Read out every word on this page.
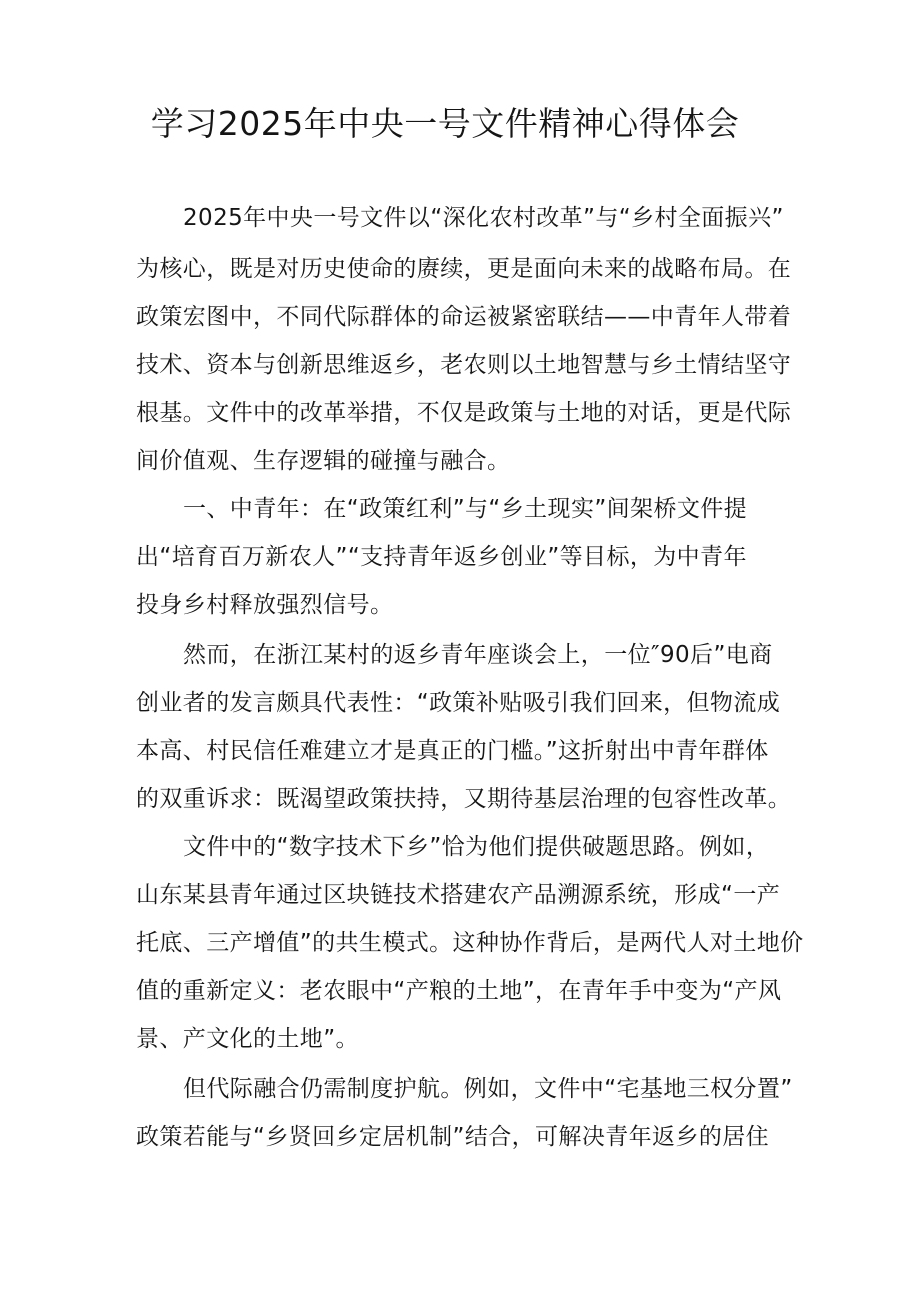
学习2025年中央一号文件精神心得体会
2025年中央一号文件以“深化农村改革”与“乡村全面振兴”
为核心，既是对历史使命的赓续，更是面向未来的战略布局。在
政策宏图中，不同代际群体的命运被紧密联结——中青年人带着
技术、资本与创新思维返乡，老农则以土地智慧与乡土情结坚守
根基。文件中的改革举措，不仅是政策与土地的对话，更是代际
间价值观、生存逻辑的碰撞与融合。
一、中青年：在“政策红利”与“乡土现实”间架桥文件提
出“培育百万新农人”“支持青年返乡创业”等目标，为中青年
投身乡村释放强烈信号。
然而，在浙江某村的返乡青年座谈会上，一位″90后”电商
创业者的发言颇具代表性：“政策补贴吸引我们回来，但物流成
本高、村民信任难建立才是真正的门槛。”这折射出中青年群体
的双重诉求：既渴望政策扶持，又期待基层治理的包容性改革。
文件中的“数字技术下乡”恰为他们提供破题思路。例如，
山东某县青年通过区块链技术搭建农产品溯源系统，形成“一产
托底、三产增值”的共生模式。这种协作背后，是两代人对土地价
值的重新定义：老农眼中“产粮的土地”，在青年手中变为“产风
景、产文化的土地”。
但代际融合仍需制度护航。例如，文件中“宅基地三权分置”
政策若能与“乡贤回乡定居机制”结合，可解决青年返乡的居住
